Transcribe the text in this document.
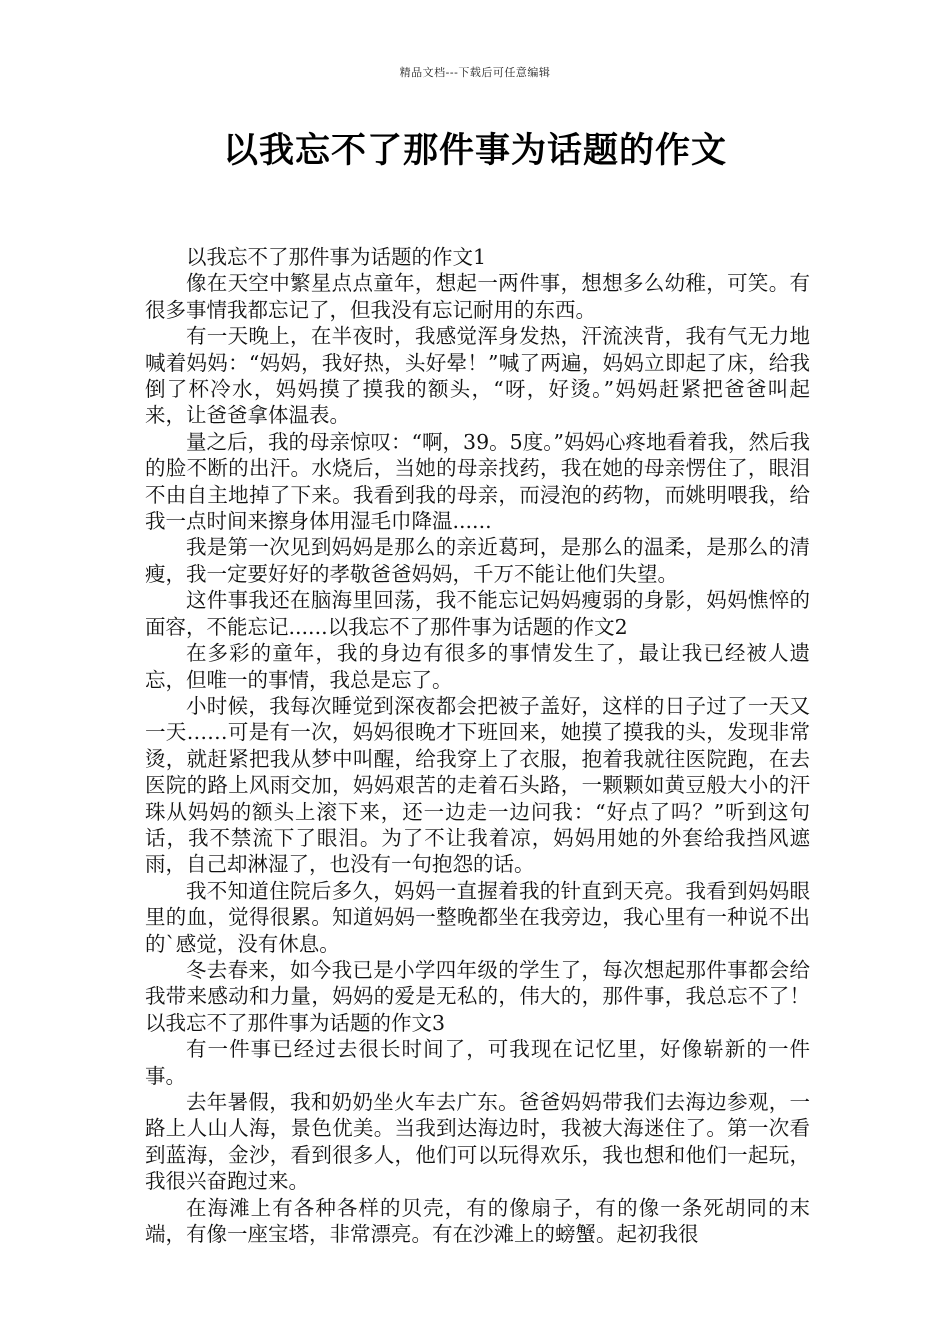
精品文档---下载后可任意编辑
以我忘不了那件事为话题的作文

以我忘不了那件事为话题的作文1

像在天空中繁星点点童年，想起一两件事，想想多么幼稚，可笑。有很多事情我都忘记了，但我没有忘记耐用的东西。

有一天晚上，在半夜时，我感觉浑身发热，汗流浃背，我有气无力地喊着妈妈：“妈妈，我好热，头好晕！”喊了两遍，妈妈立即起了床，给我倒了杯冷水，妈妈摸了摸我的额头，“呀，好烫。”妈妈赶紧把爸爸叫起来，让爸爸拿体温表。

量之后，我的母亲惊叹：“啊，39。5度。”妈妈心疼地看着我，然后我的脸不断的出汗。水烧后，当她的母亲找药，我在她的母亲愣住了，眼泪不由自主地掉了下来。我看到我的母亲，而浸泡的药物，而姚明喂我，给我一点时间来擦身体用湿毛巾降温......

我是第一次见到妈妈是那么的亲近葛珂，是那么的温柔，是那么的清瘦，我一定要好好的孝敬爸爸妈妈，千万不能让他们失望。

这件事我还在脑海里回荡，我不能忘记妈妈瘦弱的身影，妈妈憔悴的面容，不能忘记......以我忘不了那件事为话题的作文2

在多彩的童年，我的身边有很多的事情发生了，最让我已经被人遗忘，但唯一的事情，我总是忘了。

小时候，我每次睡觉到深夜都会把被子盖好，这样的日子过了一天又一天……可是有一次，妈妈很晚才下班回来，她摸了摸我的头，发现非常烫，就赶紧把我从梦中叫醒，给我穿上了衣服，抱着我就往医院跑，在去医院的路上风雨交加，妈妈艰苦的走着石头路，一颗颗如黄豆般大小的汗珠从妈妈的额头上滚下来，还一边走一边问我：“好点了吗？”听到这句话，我不禁流下了眼泪。为了不让我着凉，妈妈用她的外套给我挡风遮雨，自己却淋湿了，也没有一句抱怨的话。

我不知道住院后多久，妈妈一直握着我的针直到天亮。我看到妈妈眼里的血，觉得很累。知道妈妈一整晚都坐在我旁边，我心里有一种说不出的`感觉，没有休息。

冬去春来，如今我已是小学四年级的学生了，每次想起那件事都会给我带来感动和力量，妈妈的爱是无私的，伟大的，那件事，我总忘不了！以我忘不了那件事为话题的作文3

有一件事已经过去很长时间了，可我现在记忆里，好像崭新的一件事。

去年暑假，我和奶奶坐火车去广东。爸爸妈妈带我们去海边参观，一路上人山人海，景色优美。当我到达海边时，我被大海迷住了。第一次看到蓝海，金沙，看到很多人，他们可以玩得欢乐，我也想和他们一起玩，我很兴奋跑过来。

在海滩上有各种各样的贝壳，有的像扇子，有的像一条死胡同的末端，有像一座宝塔，非常漂亮。有在沙滩上的螃蟹。起初我很
